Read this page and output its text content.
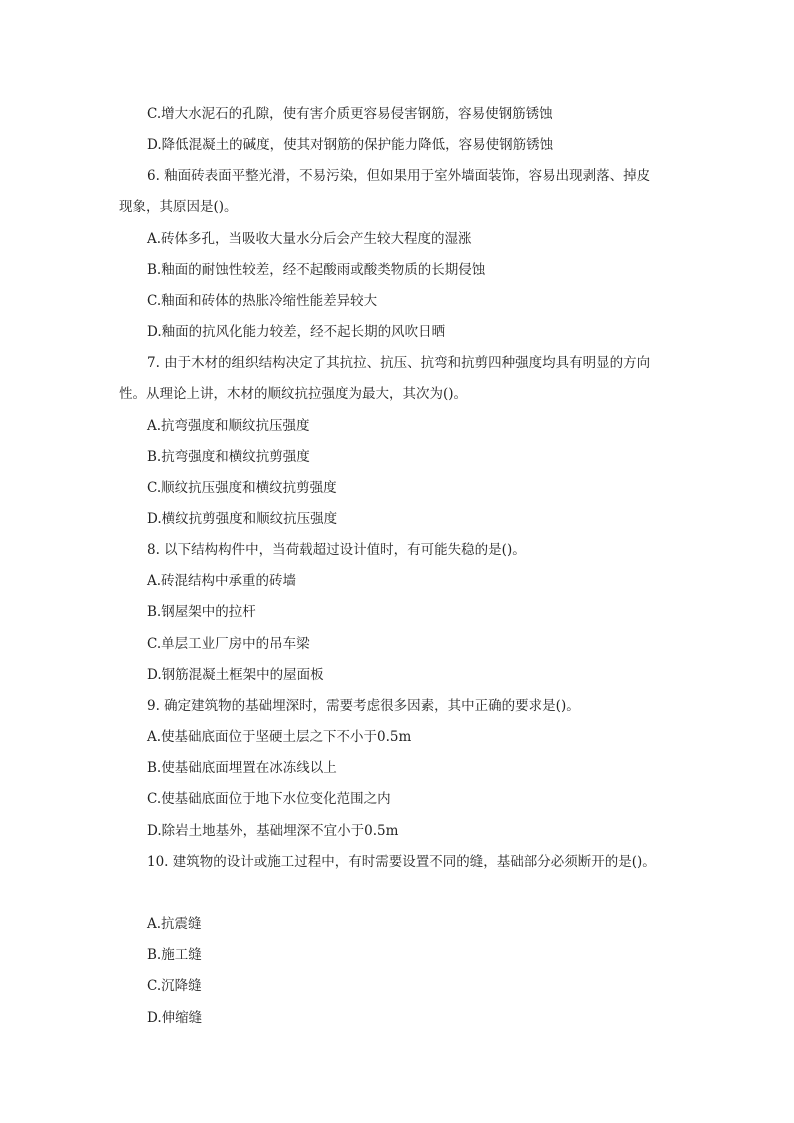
C.增大水泥石的孔隙，使有害介质更容易侵害钢筋，容易使钢筋锈蚀
D.降低混凝土的碱度，使其对钢筋的保护能力降低，容易使钢筋锈蚀
6. 釉面砖表面平整光滑，不易污染，但如果用于室外墙面装饰，容易出现剥落、掉皮
现象，其原因是()。
A.砖体多孔，当吸收大量水分后会产生较大程度的湿涨
B.釉面的耐蚀性较差，经不起酸雨或酸类物质的长期侵蚀
C.釉面和砖体的热胀冷缩性能差异较大
D.釉面的抗风化能力较差，经不起长期的风吹日晒
7. 由于木材的组织结构决定了其抗拉、抗压、抗弯和抗剪四种强度均具有明显的方向
性。从理论上讲，木材的顺纹抗拉强度为最大，其次为()。
A.抗弯强度和顺纹抗压强度
B.抗弯强度和横纹抗剪强度
C.顺纹抗压强度和横纹抗剪强度
D.横纹抗剪强度和顺纹抗压强度
8. 以下结构构件中，当荷载超过设计值时，有可能失稳的是()。
A.砖混结构中承重的砖墙
B.钢屋架中的拉杆
C.单层工业厂房中的吊车梁
D.钢筋混凝土框架中的屋面板
9. 确定建筑物的基础埋深时，需要考虑很多因素，其中正确的要求是()。
A.使基础底面位于坚硬土层之下不小于0.5m
B.使基础底面埋置在冰冻线以上
C.使基础底面位于地下水位变化范围之内
D.除岩土地基外，基础埋深不宜小于0.5m
10. 建筑物的设计或施工过程中，有时需要设置不同的缝，基础部分必须断开的是()。
A.抗震缝
B.施工缝
C.沉降缝
D.伸缩缝
